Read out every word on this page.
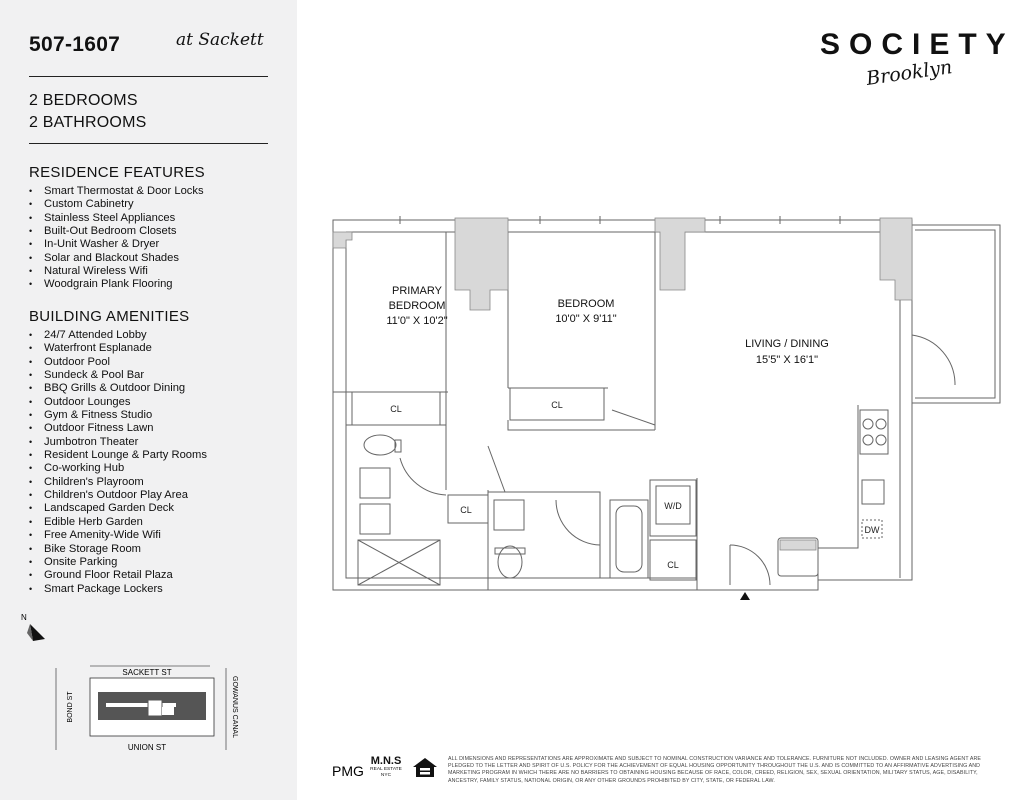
507-1607	at Sackett
2 BEDROOMS
2 BATHROOMS
RESIDENCE FEATURES
• Smart Thermostat & Door Locks
• Custom Cabinetry
• Stainless Steel Appliances
• Built-Out Bedroom Closets
• In-Unit Washer & Dryer
• Solar and Blackout Shades
• Natural Wireless Wifi
• Woodgrain Plank Flooring
BUILDING AMENITIES
• 24/7 Attended Lobby
• Waterfront Esplanade
• Outdoor Pool
• Sundeck & Pool Bar
• BBQ Grills & Outdoor Dining
• Outdoor Lounges
• Gym & Fitness Studio
• Outdoor Fitness Lawn
• Jumbotron Theater
• Resident Lounge & Party Rooms
• Co-working Hub
• Children's Playroom
• Children's Outdoor Play Area
• Landscaped Garden Deck
• Edible Herb Garden
• Free Amenity-Wide Wifi
• Bike Storage Room
• Onsite Parking
• Ground Floor Retail Plaza
• Smart Package Lockers
N
SACKETT ST
UNION ST
BOND ST	GOWANUS CANAL
SOCIETY
Brooklyn
PRIMARY
BEDROOM
11'0" X 10'2"
BEDROOM
10'0" X 9'11"
LIVING / DINING
15'5" X 16'1"
CL	CL
CL	W/D
CL
DW
PMG
M.N.S
REAL ESTATE
NYC
ALL DIMENSIONS AND REPRESENTATIONS ARE APPROXIMATE AND SUBJECT TO NOMINAL CONSTRUCTION VARIANCE AND TOLERANCE. FURNITURE NOT INCLUDED. OWNER AND LEASING AGENT ARE PLEDGED TO THE LETTER AND SPIRIT OF U.S. POLICY FOR THE ACHIEVEMENT OF EQUAL HOUSING OPPORTUNITY THROUGHOUT THE U.S. AND IS COMMITTED TO AN AFFIRMATIVE ADVERTISING AND MARKETING PROGRAM IN WHICH THERE ARE NO BARRIERS TO OBTAINING HOUSING BECAUSE OF RACE, COLOR, CREED, RELIGION, SEX, SEXUAL ORIENTATION, MILITARY STATUS, AGE, DISABILITY, ANCESTRY, FAMILY STATUS, NATIONAL ORIGIN, OR ANY OTHER GROUNDS PROHIBITED BY CITY, STATE, OR FEDERAL LAW.
